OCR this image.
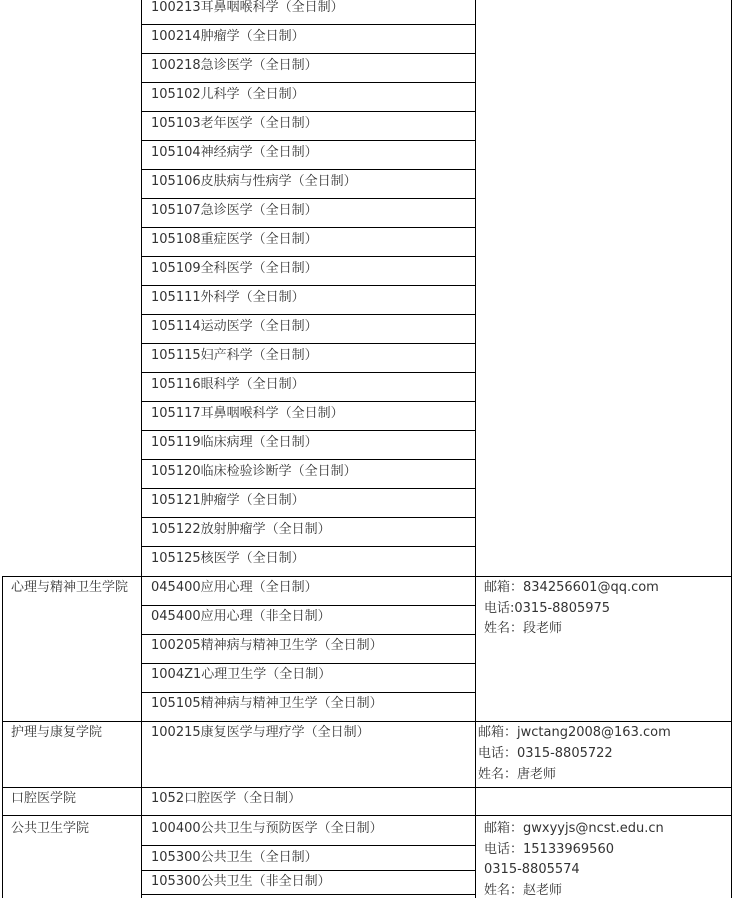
100213耳鼻咽喉科学（全日制）
100214肿瘤学（全日制）
100218急诊医学（全日制）
105102儿科学（全日制）
105103老年医学（全日制）
105104神经病学（全日制）
105106皮肤病与性病学（全日制）
105107急诊医学（全日制）
105108重症医学（全日制）
105109全科医学（全日制）
105111外科学（全日制）
105114运动医学（全日制）
105115妇产科学（全日制）
105116眼科学（全日制）
105117耳鼻咽喉科学（全日制）
105119临床病理（全日制）
105120临床检验诊断学（全日制）
105121肿瘤学（全日制）
105122放射肿瘤学（全日制）
105125核医学（全日制）
045400应用心理（全日制）
045400应用心理（非全日制）
100205精神病与精神卫生学（全日制）
1004Z1心理卫生学（全日制）
105105精神病与精神卫生学（全日制）
100215康复医学与理疗学（全日制）
1052口腔医学（全日制）
100400公共卫生与预防医学（全日制）
105300公共卫生（全日制）
105300公共卫生（非全日制）
心理与精神卫生学院
护理与康复学院
口腔医学院
公共卫生学院
邮箱：834256601@qq.com
电话:0315-8805975
姓名：段老师
邮箱：jwctang2008@163.com
电话：0315-8805722
姓名：唐老师
邮箱：gwxyyjs@ncst.edu.cn
电话：15133969560
0315-8805574
姓名：赵老师
